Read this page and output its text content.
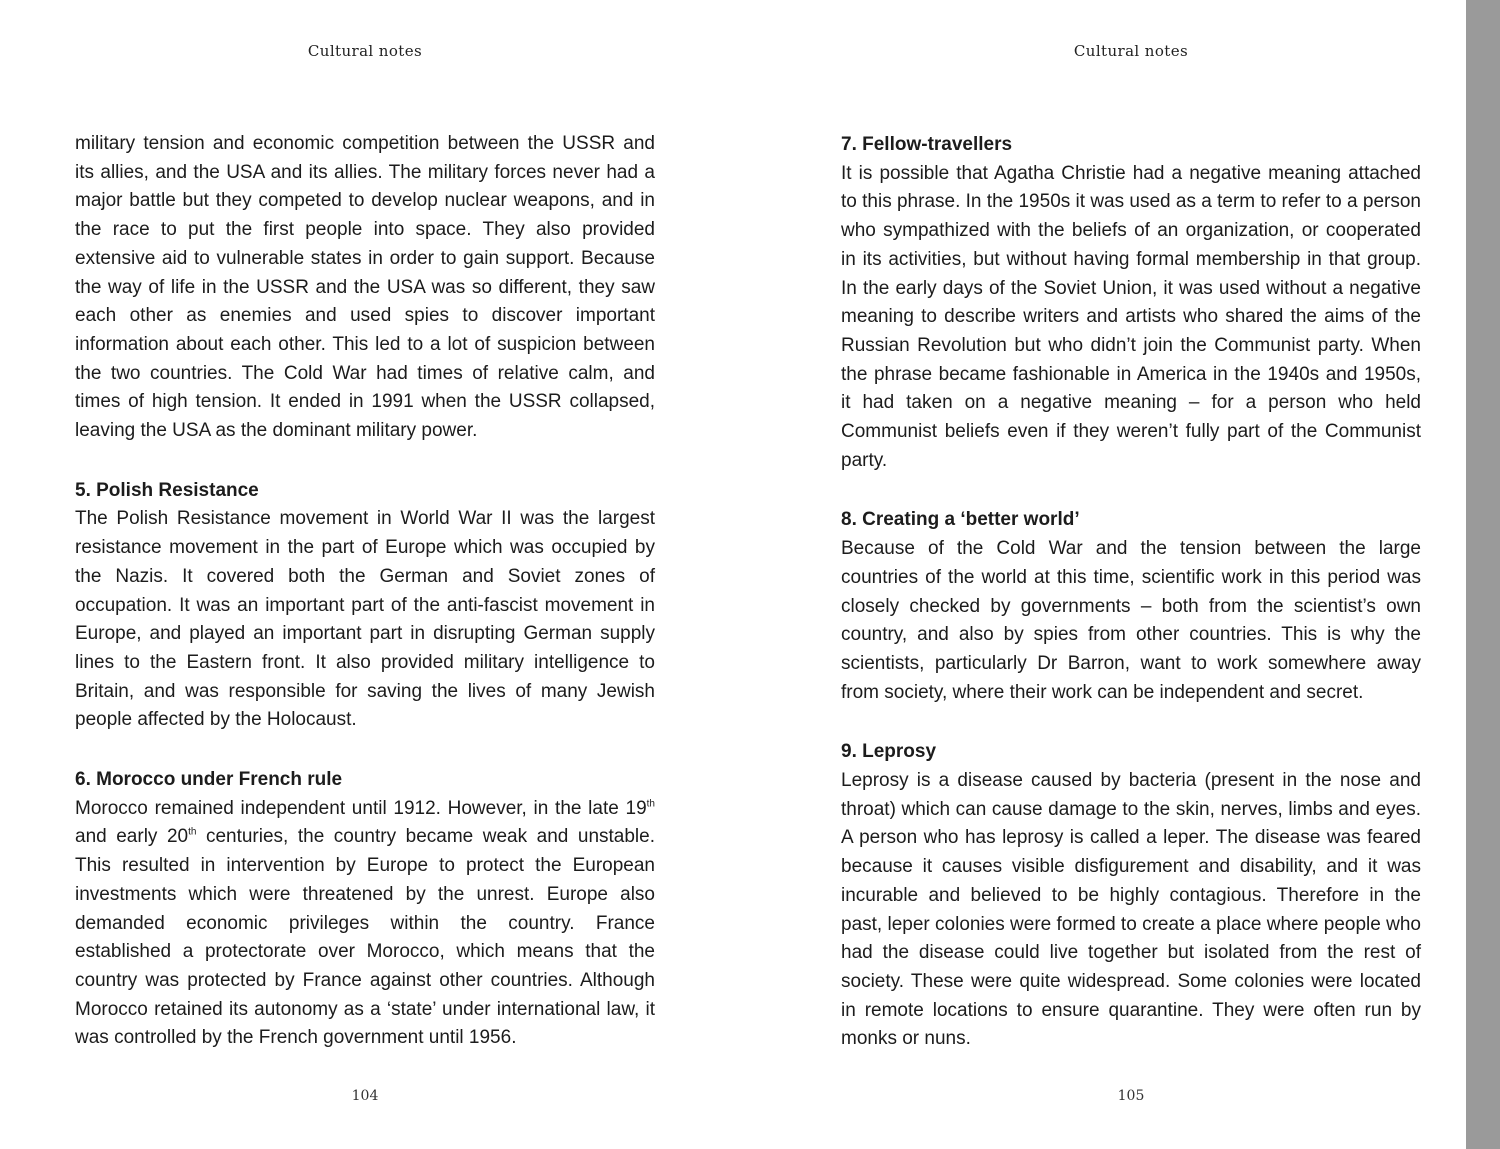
Cultural notes

military tension and economic competition between the USSR and its allies, and the USA and its allies. The military forces never had a major battle but they competed to develop nuclear weapons, and in the race to put the first people into space. They also provided extensive aid to vulnerable states in order to gain support. Because the way of life in the USSR and the USA was so different, they saw each other as enemies and used spies to discover important information about each other. This led to a lot of suspicion between the two countries. The Cold War had times of relative calm, and times of high tension. It ended in 1991 when the USSR collapsed, leaving the USA as the dominant military power.

5. Polish Resistance

The Polish Resistance movement in World War II was the largest resistance movement in the part of Europe which was occupied by the Nazis. It covered both the German and Soviet zones of occupation. It was an important part of the anti-fascist movement in Europe, and played an important part in disrupting German supply lines to the Eastern front. It also provided military intelligence to Britain, and was responsible for saving the lives of many Jewish people affected by the Holocaust.

6. Morocco under French rule

Morocco remained independent until 1912. However, in the late 19th and early 20th centuries, the country became weak and unstable. This resulted in intervention by Europe to protect the European investments which were threatened by the unrest. Europe also demanded economic privileges within the country. France established a protectorate over Morocco, which means that the country was protected by France against other countries. Although Morocco retained its autonomy as a ‘state’ under international law, it was controlled by the French government until 1956.

104
Cultural notes

7. Fellow-travellers

It is possible that Agatha Christie had a negative meaning attached to this phrase. In the 1950s it was used as a term to refer to a person who sympathized with the beliefs of an organization, or cooperated in its activities, but without having formal membership in that group. In the early days of the Soviet Union, it was used without a negative meaning to describe writers and artists who shared the aims of the Russian Revolution but who didn’t join the Communist party. When the phrase became fashionable in America in the 1940s and 1950s, it had taken on a negative meaning – for a person who held Communist beliefs even if they weren’t fully part of the Communist party.

8. Creating a ‘better world’

Because of the Cold War and the tension between the large countries of the world at this time, scientific work in this period was closely checked by governments – both from the scientist’s own country, and also by spies from other countries. This is why the scientists, particularly Dr Barron, want to work somewhere away from society, where their work can be independent and secret.

9. Leprosy

Leprosy is a disease caused by bacteria (present in the nose and throat) which can cause damage to the skin, nerves, limbs and eyes. A person who has leprosy is called a leper. The disease was feared because it causes visible disfigurement and disability, and it was incurable and believed to be highly contagious. Therefore in the past, leper colonies were formed to create a place where people who had the disease could live together but isolated from the rest of society. These were quite widespread. Some colonies were located in remote locations to ensure quarantine. They were often run by monks or nuns.

105
